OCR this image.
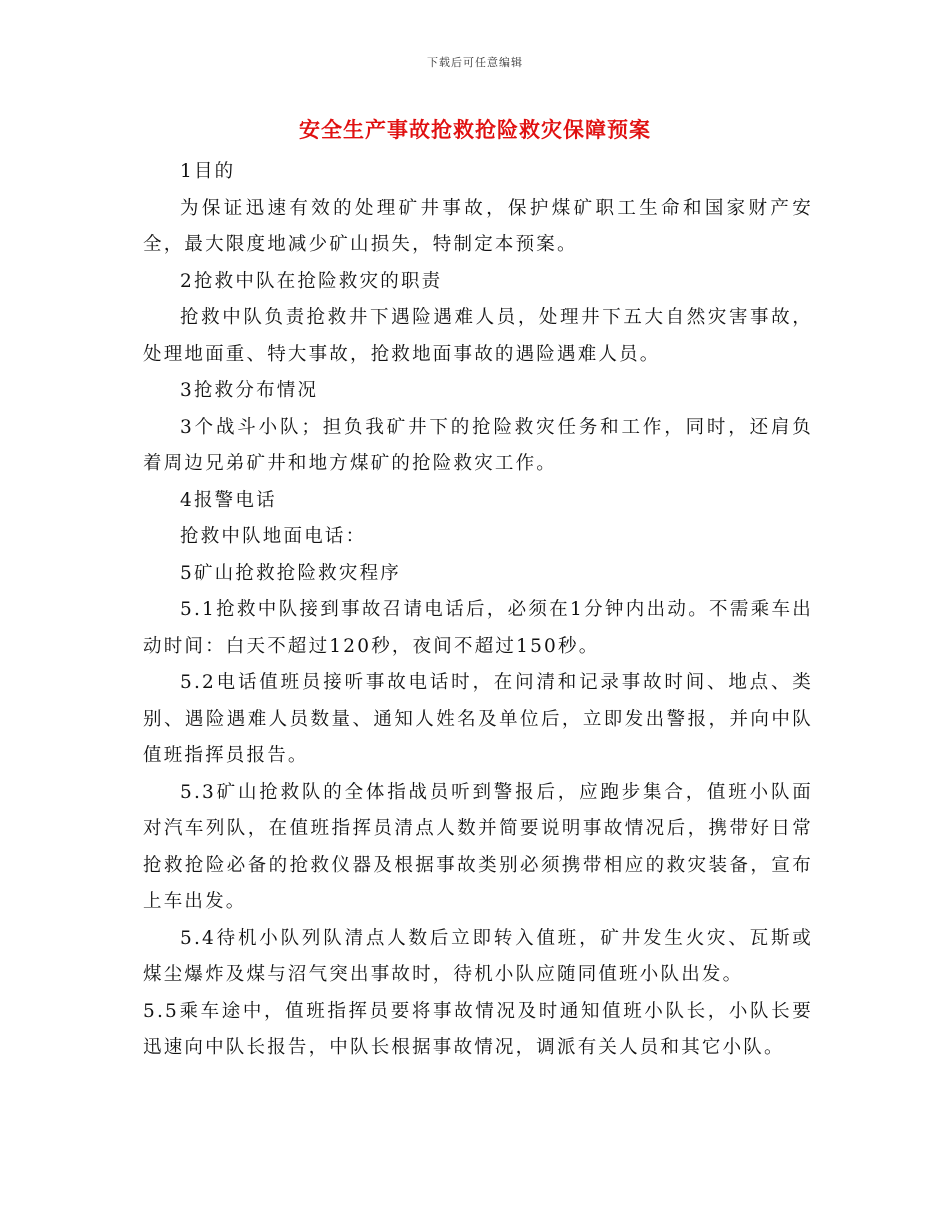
下载后可任意编辑
安全生产事故抢救抢险救灾保障预案

1目的

为保证迅速有效的处理矿井事故，保护煤矿职工生命和国家财产安全，最大限度地减少矿山损失，特制定本预案。

2抢救中队在抢险救灾的职责

抢救中队负责抢救井下遇险遇难人员，处理井下五大自然灾害事故，处理地面重、特大事故，抢救地面事故的遇险遇难人员。

3抢救分布情况

3个战斗小队；担负我矿井下的抢险救灾任务和工作，同时，还肩负着周边兄弟矿井和地方煤矿的抢险救灾工作。

4报警电话

抢救中队地面电话：

5矿山抢救抢险救灾程序

5.1抢救中队接到事故召请电话后，必须在1分钟内出动。不需乘车出动时间：白天不超过120秒，夜间不超过150秒。

5.2电话值班员接听事故电话时，在问清和记录事故时间、地点、类别、遇险遇难人员数量、通知人姓名及单位后，立即发出警报，并向中队值班指挥员报告。

5.3矿山抢救队的全体指战员听到警报后，应跑步集合，值班小队面对汽车列队，在值班指挥员清点人数并简要说明事故情况后，携带好日常抢救抢险必备的抢救仪器及根据事故类别必须携带相应的救灾装备，宣布上车出发。

5.4待机小队列队清点人数后立即转入值班，矿井发生火灾、瓦斯或煤尘爆炸及煤与沼气突出事故时，待机小队应随同值班小队出发。

5.5乘车途中，值班指挥员要将事故情况及时通知值班小队长，小队长要迅速向中队长报告，中队长根据事故情况，调派有关人员和其它小队。
